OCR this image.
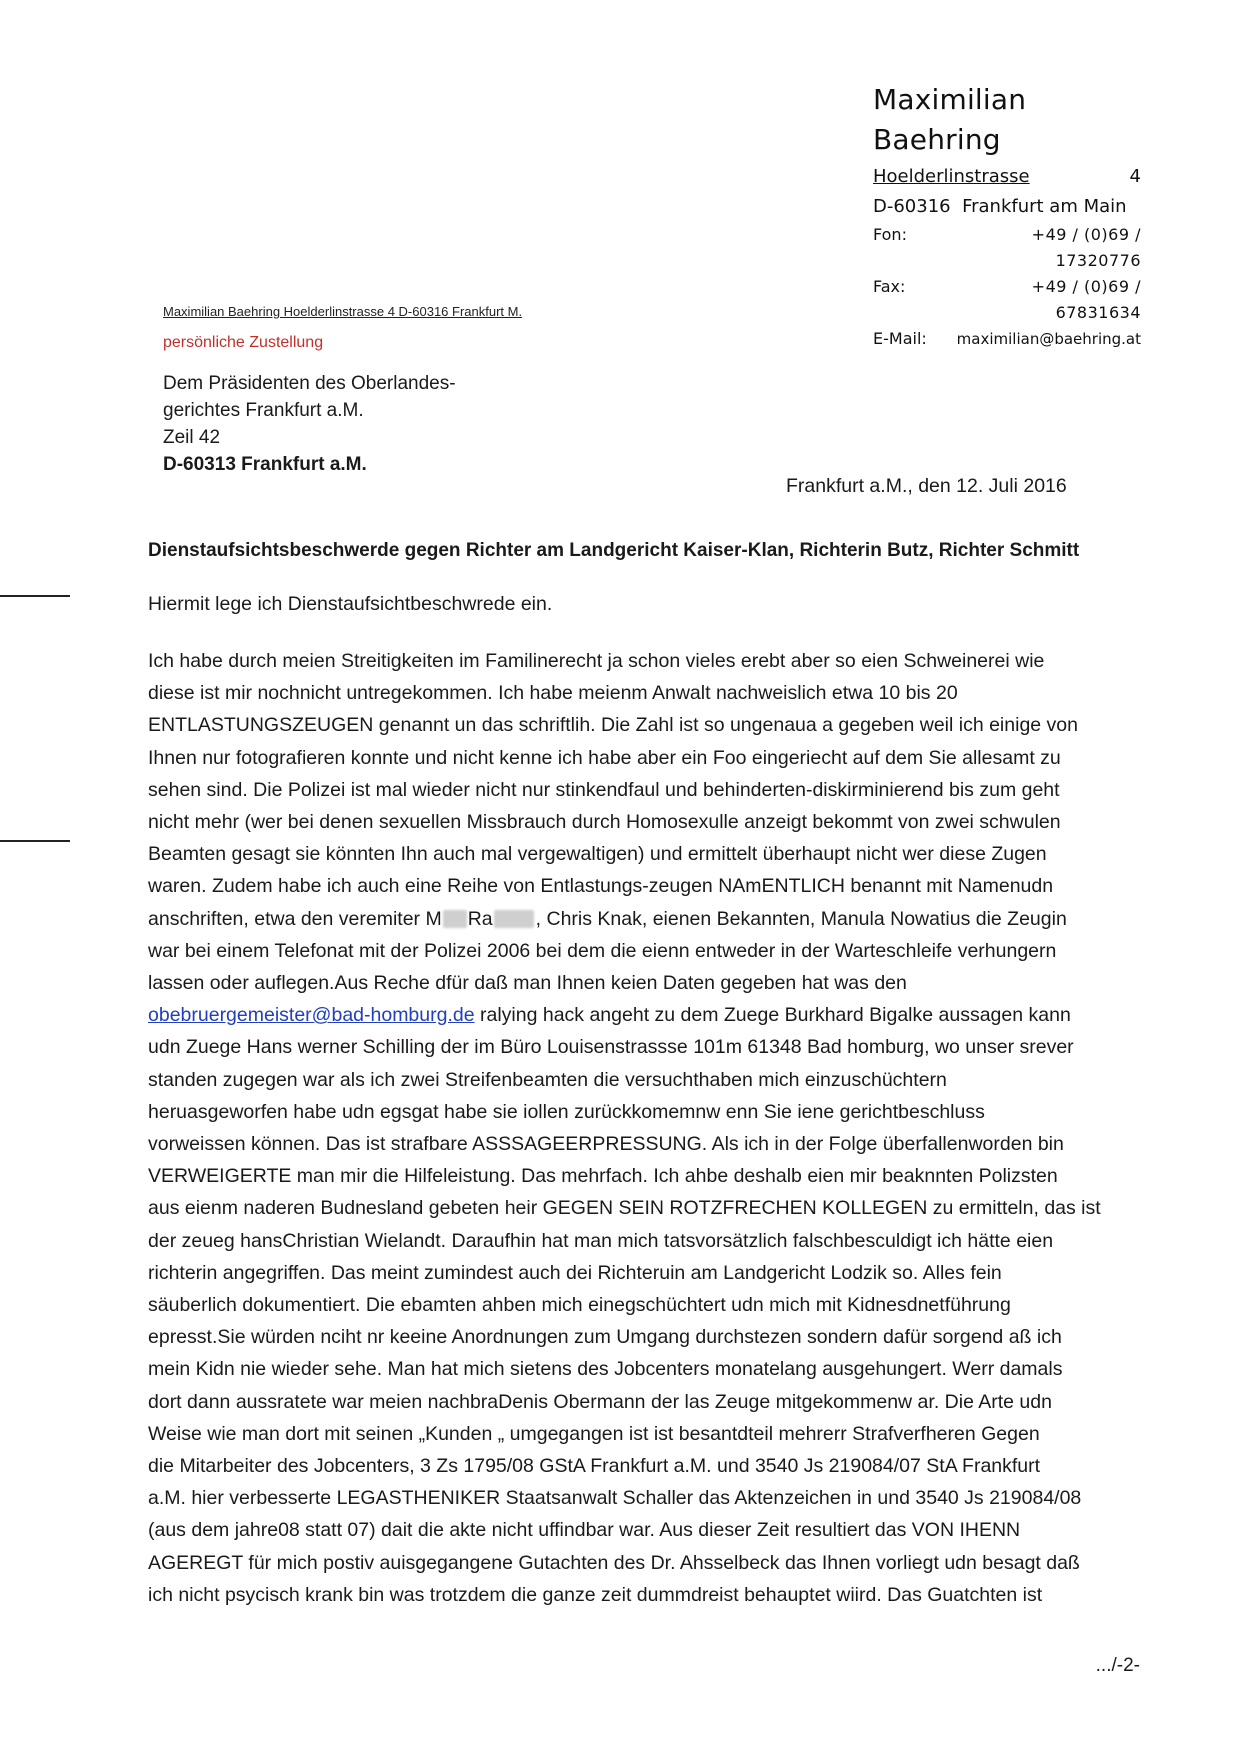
Maximilian Baehring
Hoelderlinstrasse	4
D-60316 Frankfurt am Main
Fon:	+49 / (0)69 / 17320776
Fax:	+49 / (0)69 / 67831634
E-Mail:	maximilian@baehring.at
Maximilian Baehring Hoelderlinstrasse 4 D-60316 Frankfurt M.
persönliche Zustellung
Dem Präsidenten des Oberlandes-
gerichtes Frankfurt a.M.
Zeil 42
D-60313 Frankfurt a.M.
Frankfurt a.M., den 12. Juli 2016
Dienstaufsichtsbeschwerde gegen Richter am Landgericht Kaiser-Klan, Richterin Butz, Richter Schmitt
Hiermit lege ich Dienstaufsichtbeschwrede ein.
Ich habe durch meien Streitigkeiten im Familinerecht ja schon vieles erebt aber so eien Schweinerei wie
diese ist mir nochnicht untregekommen. Ich habe meienm Anwalt nachweislich etwa 10 bis 20
ENTLASTUNGSZEUGEN genannt un das schriftlih. Die Zahl ist so ungenaua a gegeben weil ich einige von
Ihnen nur fotografieren konnte und nicht kenne ich habe aber ein Foo eingeriecht auf dem Sie allesamt zu
sehen sind. Die Polizei ist mal wieder nicht nur stinkendfaul und behinderten-diskirminierend bis zum geht
nicht mehr (wer bei denen sexuellen Missbrauch durch Homosexulle anzeigt bekommt von zwei schwulen
Beamten gesagt sie könnten Ihn auch mal vergewaltigen) und ermittelt überhaupt nicht wer diese Zugen
waren. Zudem habe ich auch eine Reihe von Entlastungs-zeugen NAmENTLICH benannt mit Namenudn
anschriften, etwa den veremiter M Ra , Chris Knak, eienen Bekannten, Manula Nowatius die Zeugin
war bei einem Telefonat mit der Polizei 2006 bei dem die eienn entweder in der Warteschleife verhungern
lassen oder auflegen.Aus Reche dfür daß man Ihnen keien Daten gegeben hat was den
obebruergemeister@bad-homburg.de ralying hack angeht zu dem Zuege Burkhard Bigalke aussagen kann
udn Zuege Hans werner Schilling der im Büro Louisenstrassse 101m 61348 Bad homburg, wo unser srever
standen zugegen war als ich zwei Streifenbeamten die versuchthaben mich einzuschüchtern
heruasgeworfen habe udn egsgat habe sie iollen zurückkomemnw enn Sie iene gerichtbeschluss
vorweissen können. Das ist strafbare ASSSAGEERPRESSUNG. Als ich in der Folge überfallenworden bin
VERWEIGERTE man mir die Hilfeleistung. Das mehrfach. Ich ahbe deshalb eien mir beaknnten Polizsten
aus eienm naderen Budnesland gebeten heir GEGEN SEIN ROTZFRECHEN KOLLEGEN zu ermitteln, das ist
der zeueg hansChristian Wielandt. Daraufhin hat man mich tatsvorsätzlich falschbesculdigt ich hätte eien
richterin angegriffen. Das meint zumindest auch dei Richteruin am Landgericht Lodzik so. Alles fein
säuberlich dokumentiert. Die ebamten ahben mich einegschüchtert udn mich mit Kidnesdnetführung
epresst.Sie würden nciht nr keeine Anordnungen zum Umgang durchstezen sondern dafür sorgend aß ich
mein Kidn nie wieder sehe. Man hat mich sietens des Jobcenters monatelang ausgehungert. Werr damals
dort dann aussratete war meien nachbraDenis Obermann der las Zeuge mitgekommenw ar. Die Arte udn
Weise wie man dort mit seinen „Kunden „ umgegangen ist ist besantdteil mehrerr Strafverfheren Gegen
die Mitarbeiter des Jobcenters, 3 Zs 1795/08 GStA Frankfurt a.M. und 3540 Js 219084/07 StA Frankfurt
a.M. hier verbesserte LEGASTHENIKER Staatsanwalt Schaller das Aktenzeichen in und 3540 Js 219084/08
(aus dem jahre08 statt 07) dait die akte nicht uffindbar war. Aus dieser Zeit resultiert das VON IHENN
AGEREGT für mich postiv auisgegangene Gutachten des Dr. Ahsselbeck das Ihnen vorliegt udn besagt daß
ich nicht psycisch krank bin was trotzdem die ganze zeit dummdreist behauptet wiird. Das Guatchten ist
.../-2-
